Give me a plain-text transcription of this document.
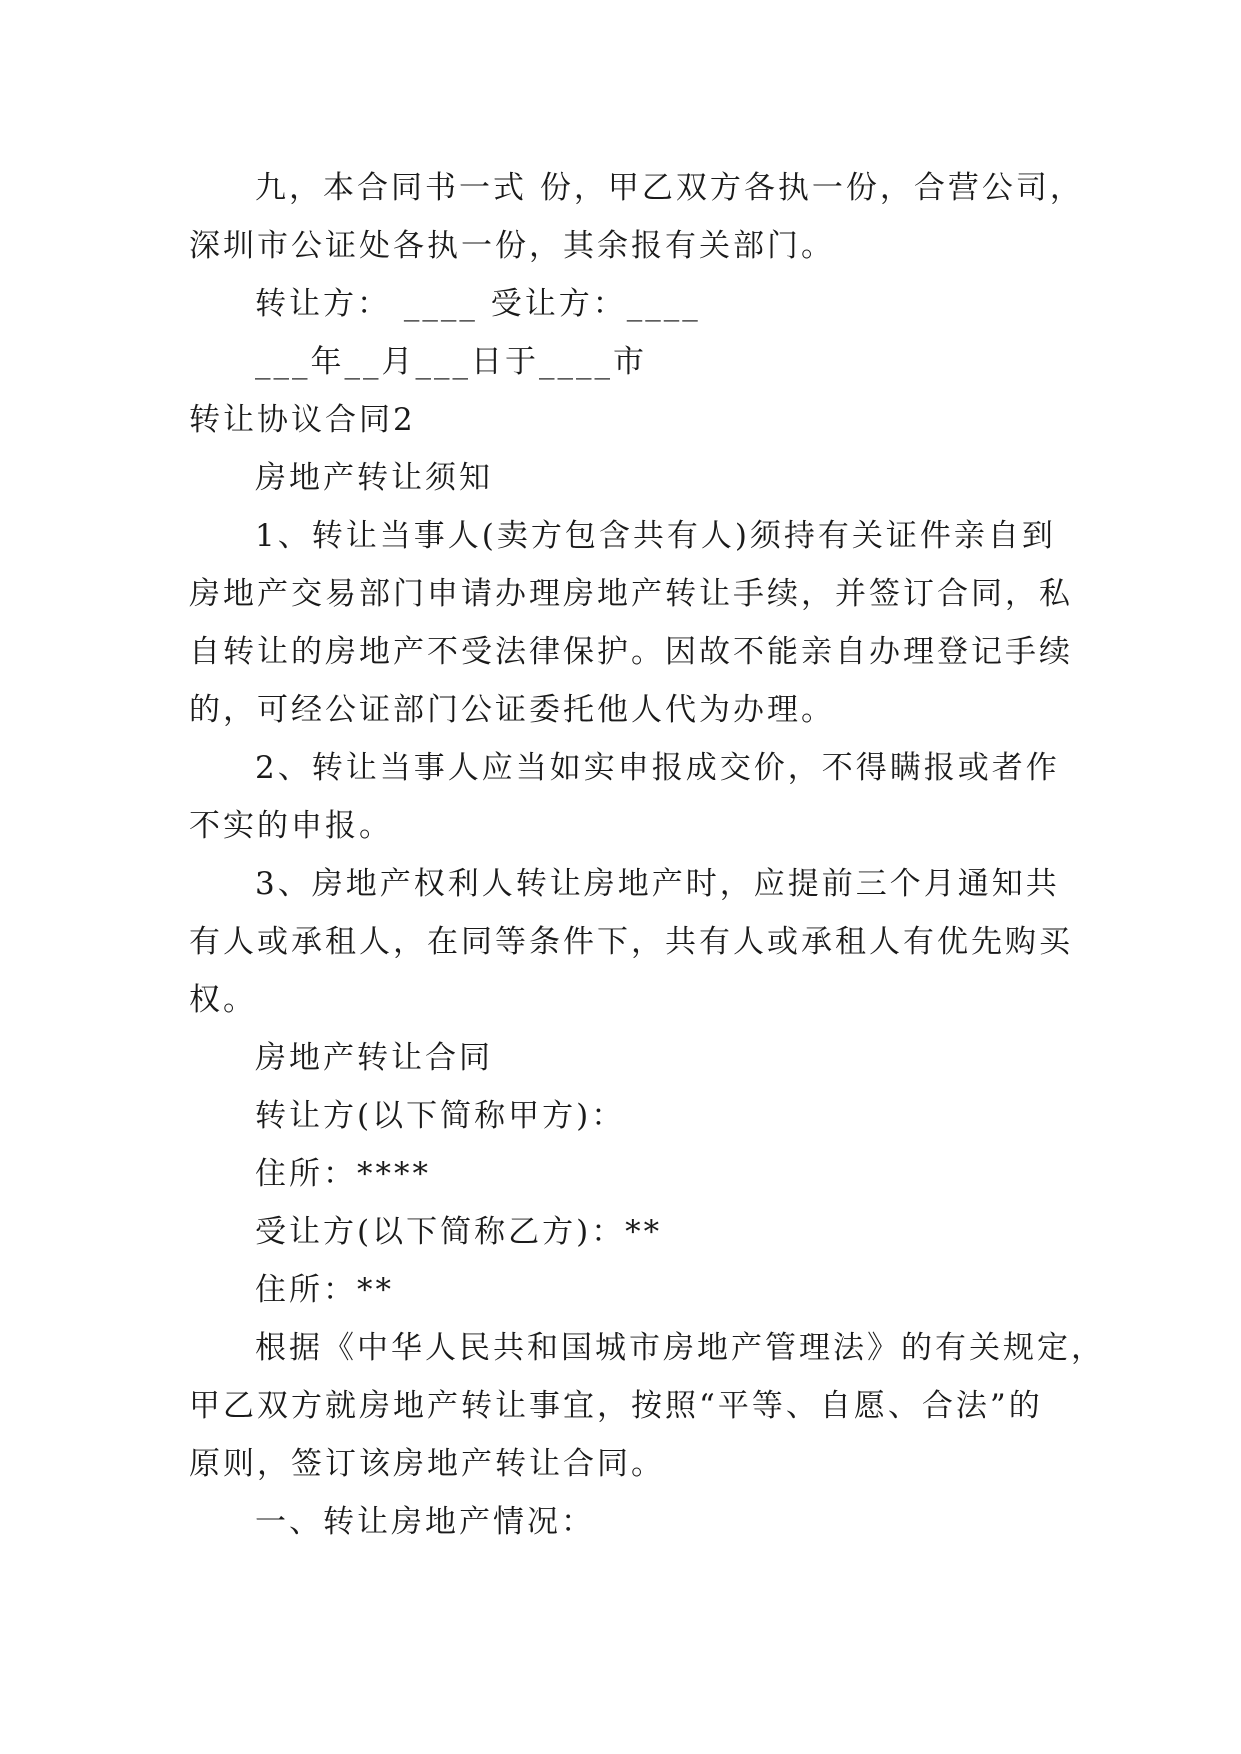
九，本合同书一式 份，甲乙双方各执一份，合营公司，
深圳市公证处各执一份，其余报有关部门。
转让方： ____ 受让方：____
___年__月___日于____市
转让协议合同2
房地产转让须知
1、转让当事人(卖方包含共有人)须持有关证件亲自到
房地产交易部门申请办理房地产转让手续，并签订合同，私
自转让的房地产不受法律保护。因故不能亲自办理登记手续
的，可经公证部门公证委托他人代为办理。
2、转让当事人应当如实申报成交价，不得瞒报或者作
不实的申报。
3、房地产权利人转让房地产时，应提前三个月通知共
有人或承租人，在同等条件下，共有人或承租人有优先购买
权。
房地产转让合同
转让方(以下简称甲方)：
住所：****
受让方(以下简称乙方)：**
住所：**
根据《中华人民共和国城市房地产管理法》的有关规定，
甲乙双方就房地产转让事宜，按照“平等、自愿、合法”的
原则，签订该房地产转让合同。
一、转让房地产情况：
